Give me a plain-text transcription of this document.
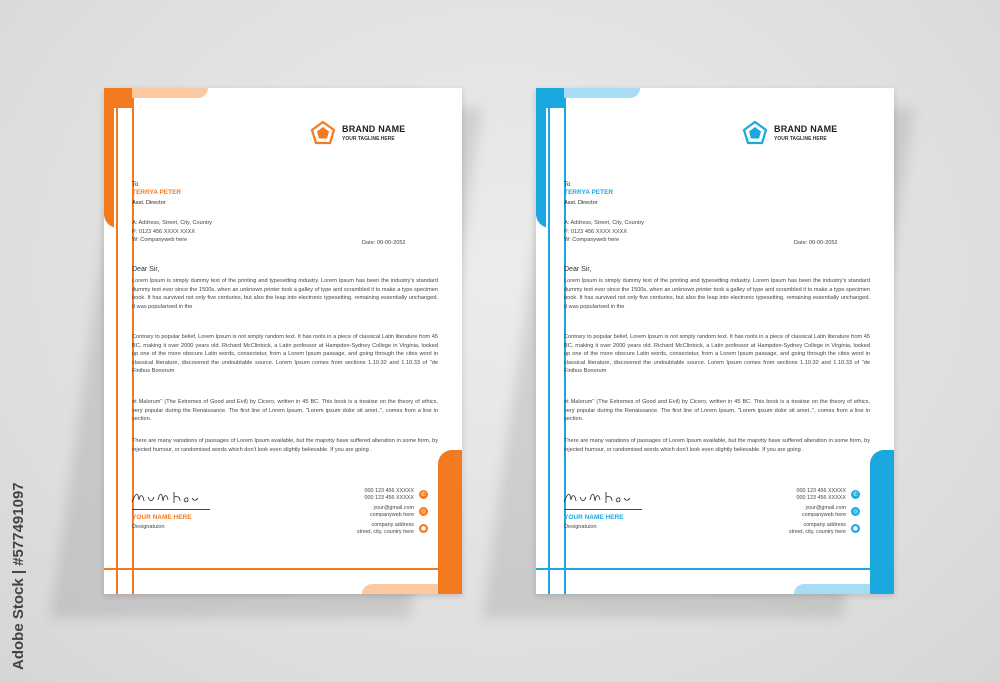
BRAND NAME
YOUR TAGLINE HERE
To
TERRYA PETER
Asst. Director
A: Address, Street, City, Country
P: 0123 456 XXXX XXXX
W: Companyweb here	Date: 00-00-2052
Dear Sir,
Lorem Ipsum is simply dummy text of the printing and typesetting industry. Lorem Ipsum has been the industry's standard dummy text ever since the 1500s, when an unknown printer took a galley of type and scrambled it to make a type specimen book. It has survived not only five centuries, but also the leap into electronic typesetting, remaining essentially unchanged. It was popularised in the
Contrary to popular belief, Lorem Ipsum is not simply random text. It has roots in a piece of classical Latin literature from 45 BC, making it over 2000 years old. Richard McClintock, a Latin professor at Hampden-Sydney College in Virginia, looked up one of the more obscure Latin words, consectetur, from a Lorem Ipsum passage, and going through the cites word in classical literature, discovered the undoubtable source. Lorem Ipsum comes from sections 1.10.32 and 1.10.33 of "de Finibus Bonorum
et Malorum" (The Extremes of Good and Evil) by Cicero, written in 45 BC. This book is a treatise on the theory of ethics, very popular during the Renaissance. The first line of Lorem Ipsum, "Lorem ipsum dolor sit amet..", comes from a line in section.
There are many variations of passages of Lorem Ipsum available, but the majority have suffered alteration in some form, by injected humour, or randomised words which don't look even slightly believable. If you are going .
YOUR NAME HERE
Designatuion
000 123 456 XXXXX
000 123 456 XXXXX	✆
your@gmail.com
companyweb here	◎
company address
street, city, country here	●
BRAND NAME
YOUR TAGLINE HERE
To
TERRYA PETER
Asst. Director
A: Address, Street, City, Country
P: 0123 456 XXXX XXXX
W: Companyweb here	Date: 00-00-2052
Dear Sir,
Lorem Ipsum is simply dummy text of the printing and typesetting industry. Lorem Ipsum has been the industry's standard dummy text ever since the 1500s, when an unknown printer took a galley of type and scrambled it to make a type specimen book. It has survived not only five centuries, but also the leap into electronic typesetting, remaining essentially unchanged. It was popularised in the
Contrary to popular belief, Lorem Ipsum is not simply random text. It has roots in a piece of classical Latin literature from 45 BC, making it over 2000 years old. Richard McClintock, a Latin professor at Hampden-Sydney College in Virginia, looked up one of the more obscure Latin words, consectetur, from a Lorem Ipsum passage, and going through the cites word in classical literature, discovered the undoubtable source. Lorem Ipsum comes from sections 1.10.32 and 1.10.33 of "de Finibus Bonorum
et Malorum" (The Extremes of Good and Evil) by Cicero, written in 45 BC. This book is a treatise on the theory of ethics, very popular during the Renaissance. The first line of Lorem Ipsum, "Lorem ipsum dolor sit amet..", comes from a line in section.
There are many variations of passages of Lorem Ipsum available, but the majority have suffered alteration in some form, by injected humour, or randomised words which don't look even slightly believable. If you are going .
YOUR NAME HERE
Designatuion
000 123 456 XXXXX
000 123 456 XXXXX	✆
your@gmail.com
companyweb here	◎
company address
street, city, country here	●
Adobe Stock | #577491097
